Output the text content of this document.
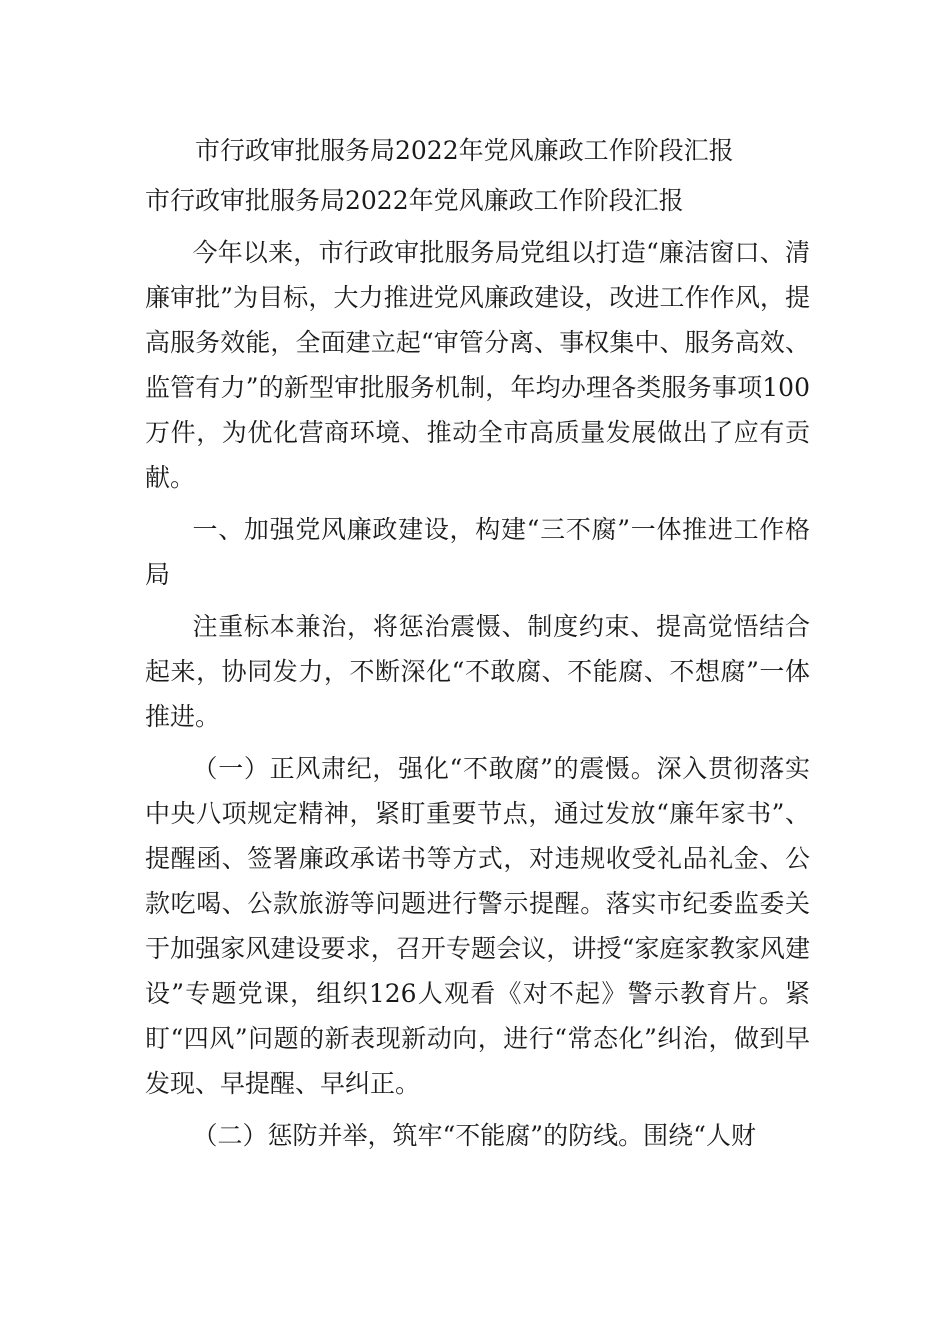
市行政审批服务局2022年党风廉政工作阶段汇报
市行政审批服务局2022年党风廉政工作阶段汇报

今年以来，市行政审批服务局党组以打造“廉洁窗口、清廉审批”为目标，大力推进党风廉政建设，改进工作作风，提高服务效能，全面建立起“审管分离、事权集中、服务高效、监管有力”的新型审批服务机制，年均办理各类服务事项100万件，为优化营商环境、推动全市高质量发展做出了应有贡献。

一、加强党风廉政建设，构建“三不腐”一体推进工作格局

注重标本兼治，将惩治震慑、制度约束、提高觉悟结合起来，协同发力，不断深化“不敢腐、不能腐、不想腐”一体推进。

（一）正风肃纪，强化“不敢腐”的震慑。深入贯彻落实中央八项规定精神，紧盯重要节点，通过发放“廉年家书”、提醒函、签署廉政承诺书等方式，对违规收受礼品礼金、公款吃喝、公款旅游等问题进行警示提醒。落实市纪委监委关于加强家风建设要求，召开专题会议，讲授“家庭家教家风建设”专题党课，组织126人观看《对不起》警示教育片。紧盯“四风”问题的新表现新动向，进行“常态化”纠治，做到早发现、早提醒、早纠正。

（二）惩防并举，筑牢“不能腐”的防线。围绕“人财
